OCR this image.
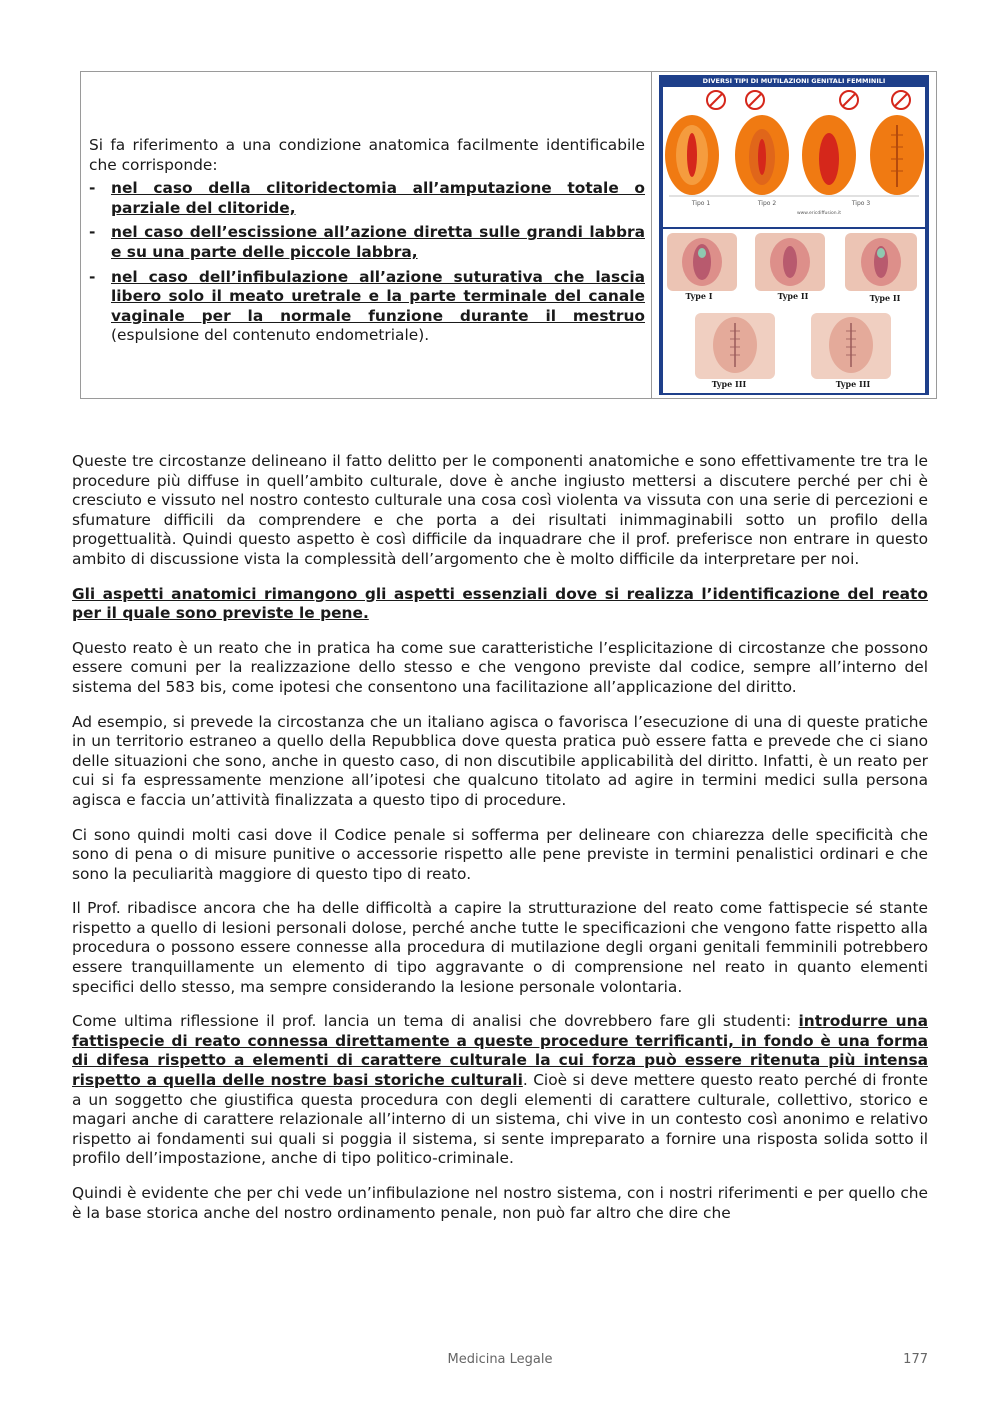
Si fa riferimento a una condizione anatomica facilmente identificabile che corrisponde:

- nel caso della clitoridectomia all’amputazione totale o parziale del clitoride,
- nel caso dell’escissione all’azione diretta sulle grandi labbra e su una parte delle piccole labbra,
- nel caso dell’infibulazione all’azione suturativa che lascia libero solo il meato uretrale e la parte terminale del canale vaginale per la normale funzione durante il mestruo (espulsione del contenuto endometriale).
DIVERSI TIPI DI MUTILAZIONI GENITALI FEMMINILI
Tipo 1	Tipo 2	Tipo 3
www.ericdiffusion.it
Type I	Type II	Type II
Type III	Type III

Queste tre circostanze delineano il fatto delitto per le componenti anatomiche e sono effettivamente tre tra le procedure più diffuse in quell’ambito culturale, dove è anche ingiusto mettersi a discutere perché per chi è cresciuto e vissuto nel nostro contesto culturale una cosa così violenta va vissuta con una serie di percezioni e sfumature difficili da comprendere e che porta a dei risultati inimmaginabili sotto un profilo della progettualità. Quindi questo aspetto è così difficile da inquadrare che il prof. preferisce non entrare in questo ambito di discussione vista la complessità dell’argomento che è molto difficile da interpretare per noi.

Gli aspetti anatomici rimangono gli aspetti essenziali dove si realizza l’identificazione del reato per il quale sono previste le pene.

Questo reato è un reato che in pratica ha come sue caratteristiche l’esplicitazione di circostanze che possono essere comuni per la realizzazione dello stesso e che vengono previste dal codice, sempre all’interno del sistema del 583 bis, come ipotesi che consentono una facilitazione all’applicazione del diritto.

Ad esempio, si prevede la circostanza che un italiano agisca o favorisca l’esecuzione di una di queste pratiche in un territorio estraneo a quello della Repubblica dove questa pratica può essere fatta e prevede che ci siano delle situazioni che sono, anche in questo caso, di non discutibile applicabilità del diritto. Infatti, è un reato per cui si fa espressamente menzione all’ipotesi che qualcuno titolato ad agire in termini medici sulla persona agisca e faccia un’attività finalizzata a questo tipo di procedure.

Ci sono quindi molti casi dove il Codice penale si sofferma per delineare con chiarezza delle specificità che sono di pena o di misure punitive o accessorie rispetto alle pene previste in termini penalistici ordinari e che sono la peculiarità maggiore di questo tipo di reato.

Il Prof. ribadisce ancora che ha delle difficoltà a capire la strutturazione del reato come fattispecie sé stante rispetto a quello di lesioni personali dolose, perché anche tutte le specificazioni che vengono fatte rispetto alla procedura o possono essere connesse alla procedura di mutilazione degli organi genitali femminili potrebbero essere tranquillamente un elemento di tipo aggravante o di comprensione nel reato in quanto elementi specifici dello stesso, ma sempre considerando la lesione personale volontaria.

Come ultima riflessione il prof. lancia un tema di analisi che dovrebbero fare gli studenti: introdurre una fattispecie di reato connessa direttamente a queste procedure terrificanti, in fondo è una forma di difesa rispetto a elementi di carattere culturale la cui forza può essere ritenuta più intensa rispetto a quella delle nostre basi storiche culturali. Cioè si deve mettere questo reato perché di fronte a un soggetto che giustifica questa procedura con degli elementi di carattere culturale, collettivo, storico e magari anche di carattere relazionale all’interno di un sistema, chi vive in un contesto così anonimo e relativo rispetto ai fondamenti sui quali si poggia il sistema, si sente impreparato a fornire una risposta solida sotto il profilo dell’impostazione, anche di tipo politico-criminale.

Quindi è evidente che per chi vede un’infibulazione nel nostro sistema, con i nostri riferimenti e per quello che è la base storica anche del nostro ordinamento penale, non può far altro che dire che

Medicina Legale	177
